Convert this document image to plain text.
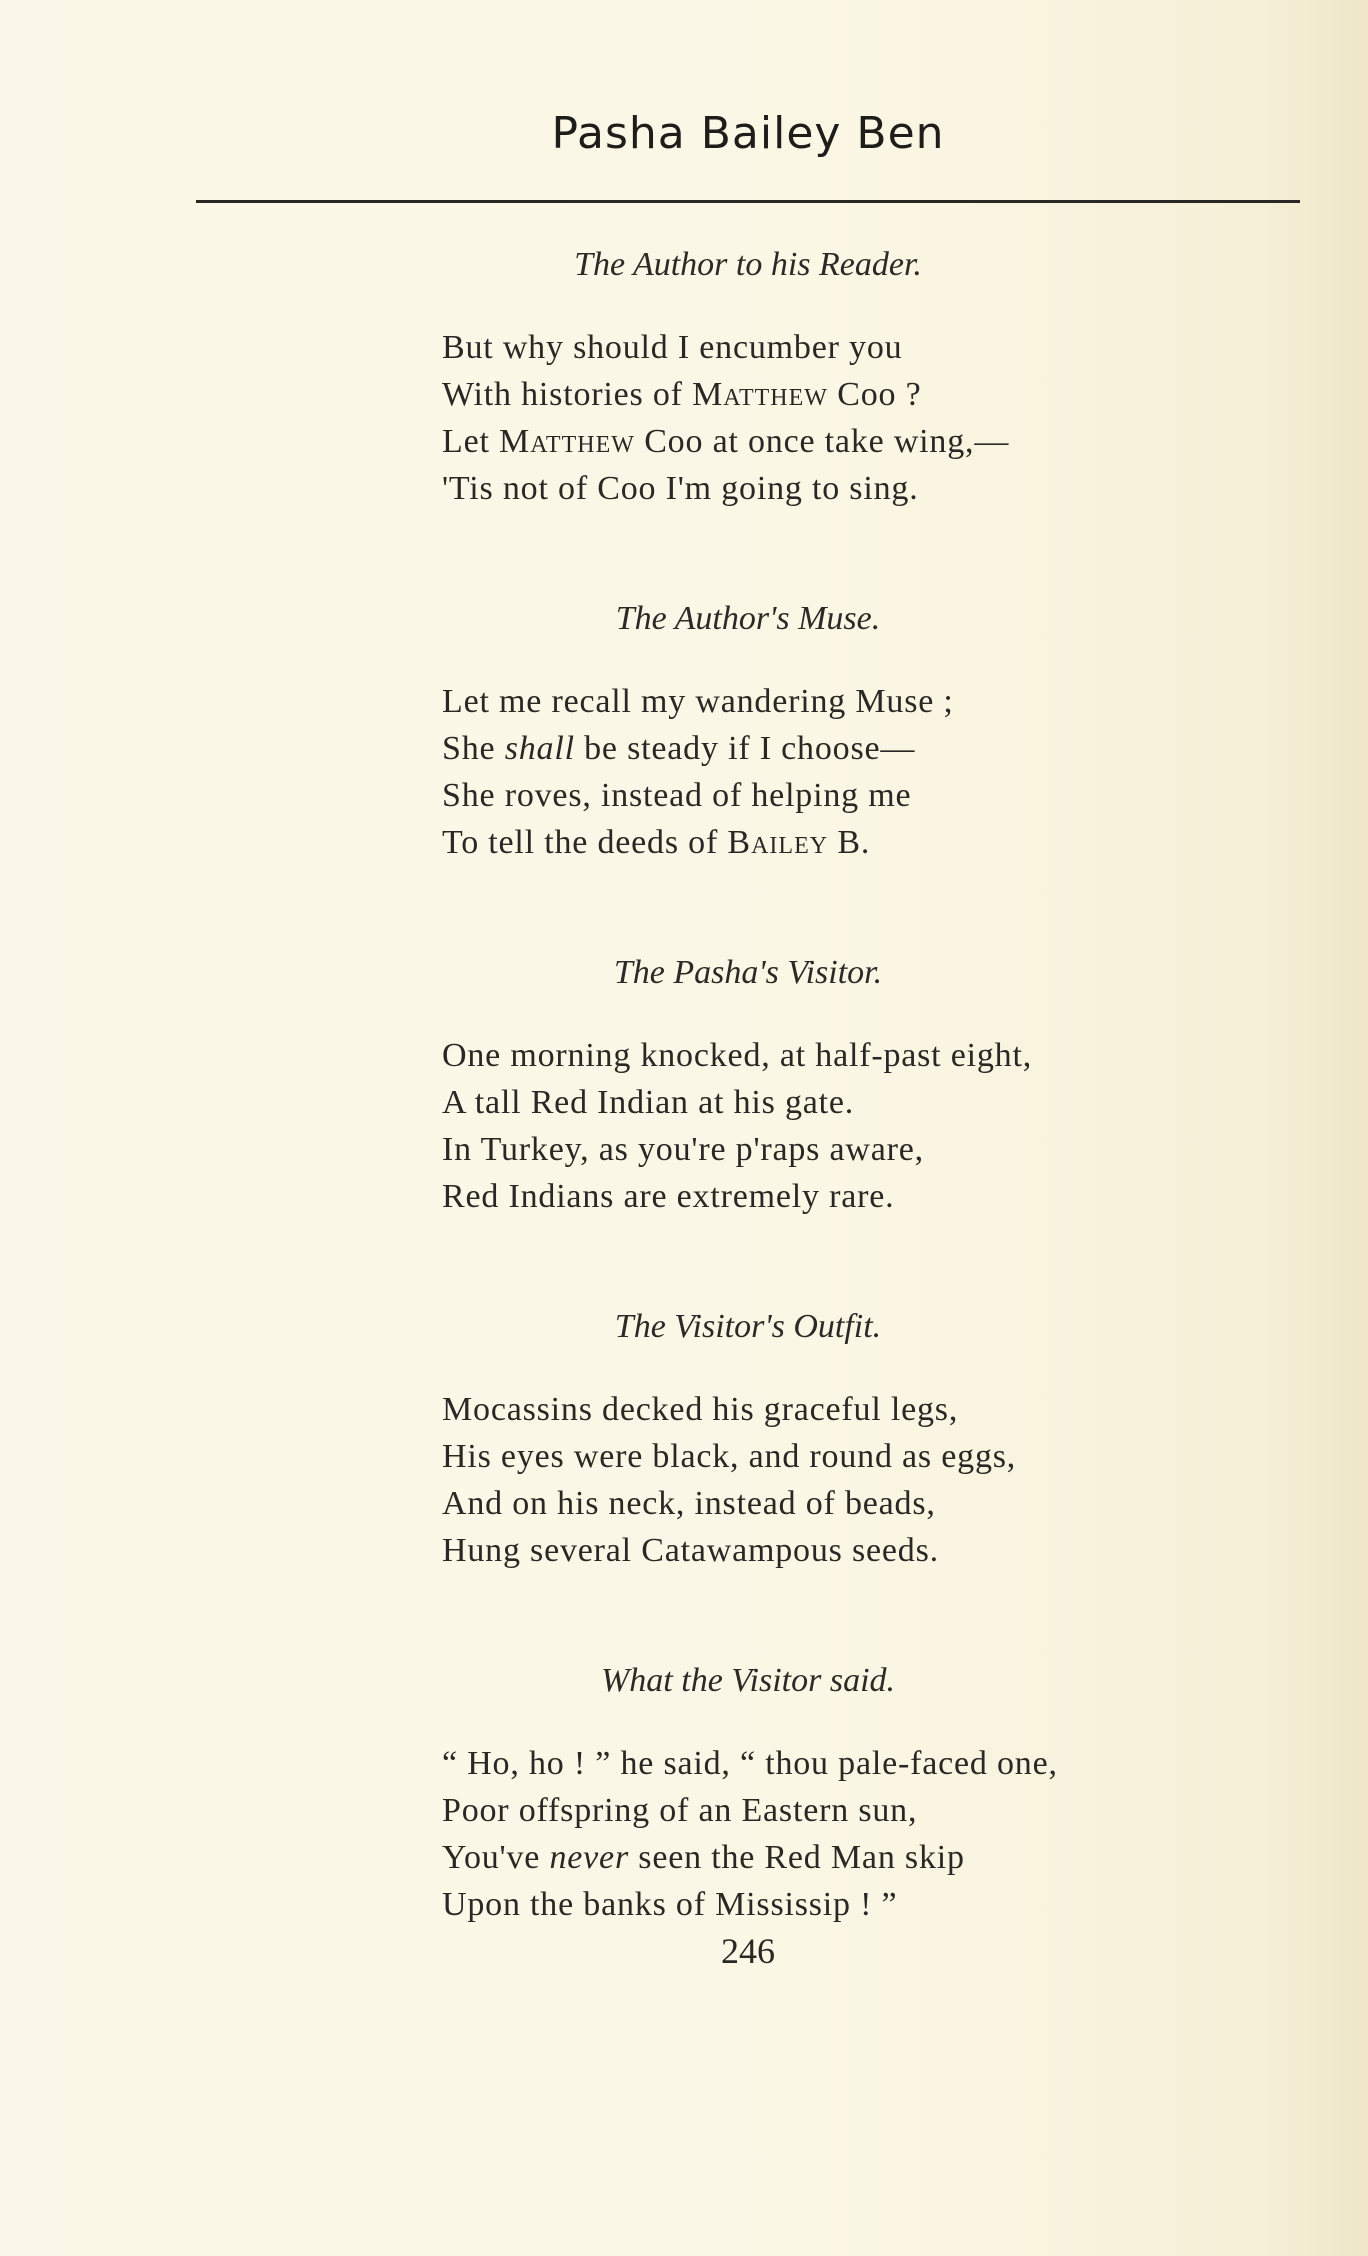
Pasha Bailey Ben
The Author to his Reader.
But why should I encumber you
With histories of Matthew Coo ?
Let Matthew Coo at once take wing,—
'Tis not of Coo I'm going to sing.
The Author's Muse.
Let me recall my wandering Muse ;
She shall be steady if I choose—
She roves, instead of helping me
To tell the deeds of Bailey B.
The Pasha's Visitor.
One morning knocked, at half-past eight,
A tall Red Indian at his gate.
In Turkey, as you're p'raps aware,
Red Indians are extremely rare.
The Visitor's Outfit.
Mocassins decked his graceful legs,
His eyes were black, and round as eggs,
And on his neck, instead of beads,
Hung several Catawampous seeds.
What the Visitor said.
“ Ho, ho ! ” he said, “ thou pale-faced one,
Poor offspring of an Eastern sun,
You've never seen the Red Man skip
Upon the banks of Mississip ! ”
246
